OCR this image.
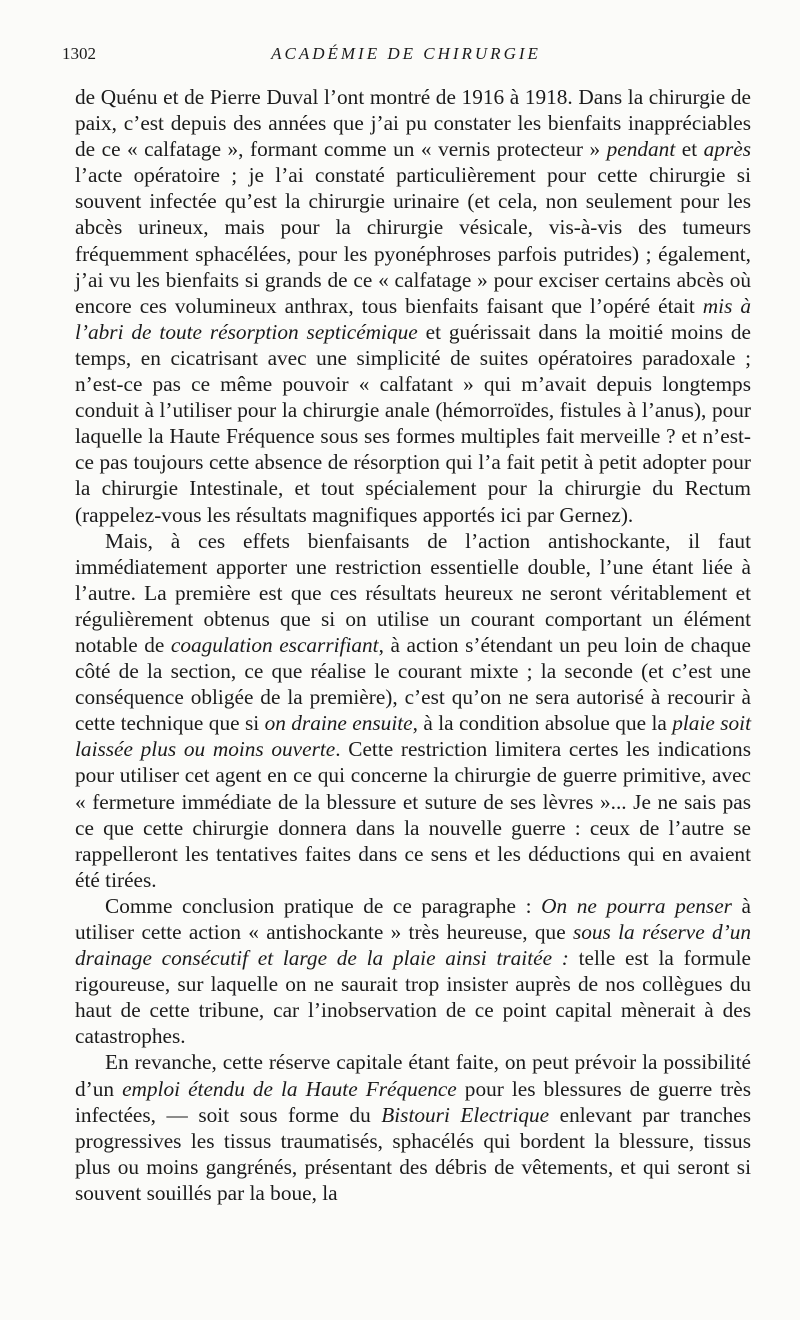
1302	ACADÉMIE DE CHIRURGIE

de Quénu et de Pierre Duval l’ont montré de 1916 à 1918. Dans la chirurgie de paix, c’est depuis des années que j’ai pu constater les bienfaits inappréciables de ce « calfatage », formant comme un « vernis protecteur » pendant et après l’acte opératoire ; je l’ai constaté particulièrement pour cette chirurgie si souvent infectée qu’est la chirurgie urinaire (et cela, non seulement pour les abcès urineux, mais pour la chirurgie vésicale, vis-à-vis des tumeurs fréquemment sphacélées, pour les pyonéphroses parfois putrides) ; également, j’ai vu les bienfaits si grands de ce « calfatage » pour exciser certains abcès où encore ces volumineux anthrax, tous bienfaits faisant que l’opéré était mis à l’abri de toute résorption septicémique et guérissait dans la moitié moins de temps, en cicatrisant avec une simplicité de suites opératoires paradoxale ; n’est-ce pas ce même pouvoir « calfatant » qui m’avait depuis longtemps conduit à l’utiliser pour la chirurgie anale (hémorroïdes, fistules à l’anus), pour laquelle la Haute Fréquence sous ses formes multiples fait merveille ? et n’est-ce pas toujours cette absence de résorption qui l’a fait petit à petit adopter pour la chirurgie Intestinale, et tout spécialement pour la chirurgie du Rectum (rappelez-vous les résultats magnifiques apportés ici par Gernez).

Mais, à ces effets bienfaisants de l’action antishockante, il faut immédiatement apporter une restriction essentielle double, l’une étant liée à l’autre. La première est que ces résultats heureux ne seront véritablement et régulièrement obtenus que si on utilise un courant comportant un élément notable de coagulation escarrifiant, à action s’étendant un peu loin de chaque côté de la section, ce que réalise le courant mixte ; la seconde (et c’est une conséquence obligée de la première), c’est qu’on ne sera autorisé à recourir à cette technique que si on draine ensuite, à la condition absolue que la plaie soit laissée plus ou moins ouverte. Cette restriction limitera certes les indications pour utiliser cet agent en ce qui concerne la chirurgie de guerre primitive, avec « fermeture immédiate de la blessure et suture de ses lèvres »... Je ne sais pas ce que cette chirurgie donnera dans la nouvelle guerre : ceux de l’autre se rappelleront les tentatives faites dans ce sens et les déductions qui en avaient été tirées.

Comme conclusion pratique de ce paragraphe : On ne pourra penser à utiliser cette action « antishockante » très heureuse, que sous la réserve d’un drainage consécutif et large de la plaie ainsi traitée : telle est la formule rigoureuse, sur laquelle on ne saurait trop insister auprès de nos collègues du haut de cette tribune, car l’inobservation de ce point capital mènerait à des catastrophes.

En revanche, cette réserve capitale étant faite, on peut prévoir la possibilité d’un emploi étendu de la Haute Fréquence pour les blessures de guerre très infectées, — soit sous forme du Bistouri Electrique enlevant par tranches progressives les tissus traumatisés, sphacélés qui bordent la blessure, tissus plus ou moins gangrénés, présentant des débris de vêtements, et qui seront si souvent souillés par la boue, la
